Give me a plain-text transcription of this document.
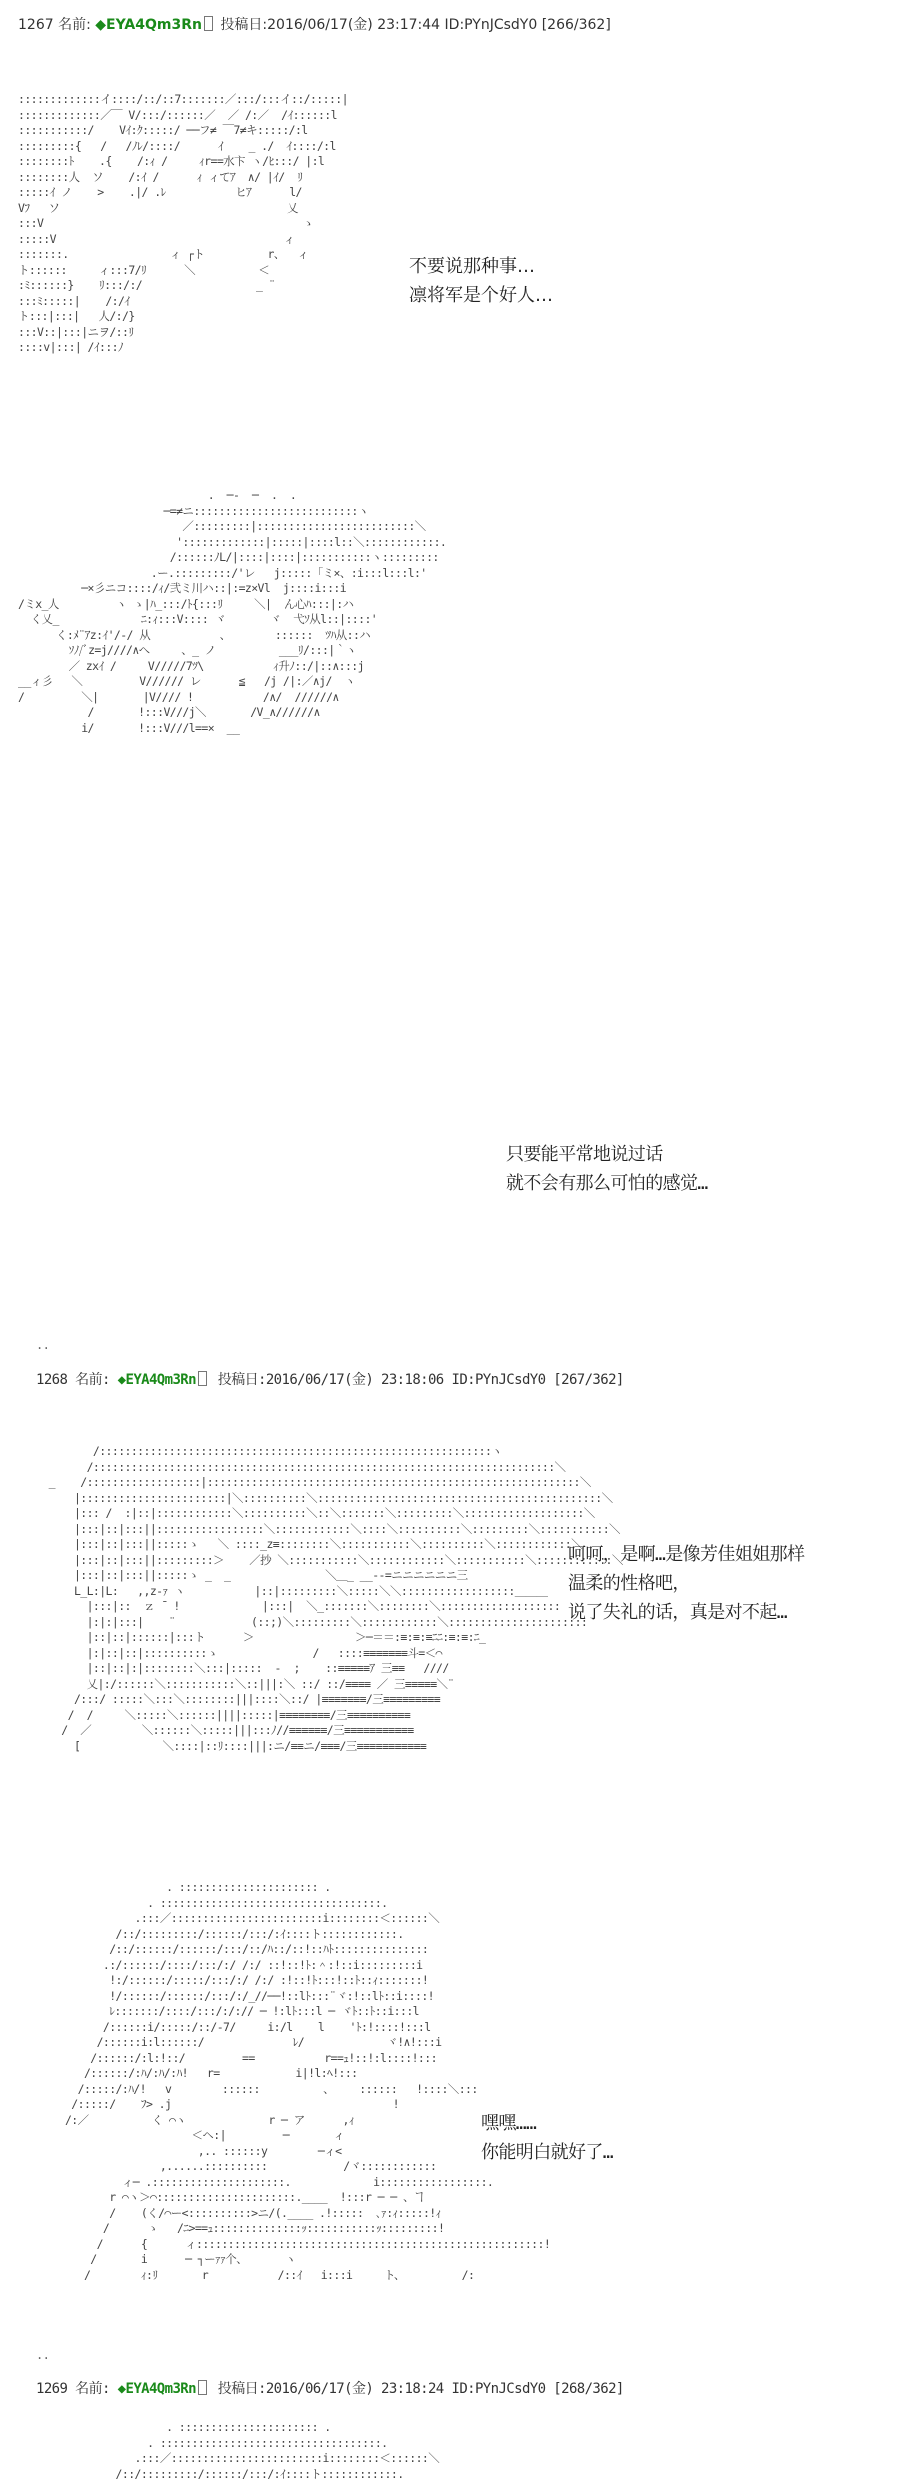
1267 名前: ◆EYA4Qm3Rn 投稿日:2016/06/17(金) 23:17:44 ID:PYnJCsdY0 [266/362]
:::::::::::::イ::::/::/::7:::::::／:::/:::イ::/:::::|
:::::::::::::／￣ V/:::/::::::／  ／ /:／  /ｲ::::::l
:::::::::::/    Vｲ:ｸ:::::/ ──フ≠ ￣7≠キ:::::/:l
:::::::::{   /   /ﾉﾚ/::::/      ｲ    _ ./  ｲ::::/:l
::::::::ﾄ    .{    /:ｨ /     ｨr==水卞 ヽ/ﾋ:::/ |:l
::::::::人  ソ    /:ｲ /      ｨ ィてｱ  ∧/ |ｲ/  ﾘ
:::::ｲ ノ    >    .|/ .ﾚ           ヒｱ      l/
Vﾌ   ソ                                    乂
:::V                                         ゝ
:::::V                                    ィ
:::::::.                ィ ┌ト          r、  ィ
ト::::::     ィ:::7/ﾘ      ＼          ＜
:ﾐ::::::}    ﾘ:::/:/                  _ ¨
:::ﾐ:::::|    /:/ｲ
ト:::|:::|   人/:/}
:::V::|:::|ニヲ/::ﾘ
::::v|:::| /ｲ:::ﾉ
不要说那种事…
凛将军是个好人…
.  ─-  ─  .  .
─=≠ニ::::::::::::::::::::::::::ヽ
／:::::::::|:::::::::::::::::::::::::＼
':::::::::::::|:::::|::::l::＼::::::::::::.
/::::::ﾉL/|::::|::::|:::::::::::ヽ:::::::::
.ー.:::::::::/'レ   j:::::「ミ×、:i:::l:::l:'
─×彡ニコ::::/ｨ/弐ミ川ハ::|:=z×Vl  j::::i:::i
/ミx_人         ヽ ゝ|ﾊ_:::/ﾄ{:::ﾘ     ＼|  ん心ﾊ:::|:ハ
く乂_             ﾆ:ｨ:::V:::: ヾ       ヾ  弋ｿ从l::|::::'
く:ﾒ¨ｱz:ｲ'/-/ 从           、       ::::::  ﾂﾊ从::ハ
ｿﾉ/ﾞz=j////∧へ     、_ ノ          ___ﾘ/:::|｀ヽ
／ zxｲ /     V/////7ﾂ\           ｨ升ﾉ::/|::∧:::j
__ィ彡   ＼         V////// レ      ≦   /j /|:／∧j/  ヽ
/         ＼|       |V//// !           /∧/  //////∧
/       !:::V///j＼       /V_∧//////∧
i/       !:::V///l==×  __

只要能平常地说过话
就不会有那么可怕的感觉…

..

1268 名前: ◆EYA4Qm3Rn 投稿日:2016/06/17(金) 23:18:06 ID:PYnJCsdY0 [267/362]

/::::::::::::::::::::::::::::::::::::::::::::::::::::::::::::::ヽ
/:::::::::::::::::::::::::::::::::::::::::::::::::::::::::::::::::::::::::＼
_    /::::::::::::::::::|:::::::::::::::::::::::::::::::::::::::::::::::::::::::::::＼
|:::::::::::::::::::::::|＼::::::::::＼:::::::::::::::::::::::::::::::::::::::::::::＼
|::: /  :|::|::::::::::::＼::::::::::＼::＼:::::::＼:::::::::＼:::::::::::::::::::＼
|:::|::|:::||:::::::::::::::::＼::::::::::::＼::::＼::::::::::＼:::::::::＼:::::::::::＼
|:::|::|:::||:::::ゝ   ＼ ::::_z≡::::::::＼:::::::::::＼::::::::::＼::::::::::::＼
|:::|::|:::||:::::::::＞    ／抄 ＼:::::::::::＼::::::::::::＼:::::::::::＼::::::::::::＼
|:::|::|:::||:::::ゝ _  _               ＼＿_ __--=ニニニニニニ三
L_L:|L:   ,,z-ｧ ヽ           |::|:::::::::＼:::::＼＼::::::::::::::::::＿＿＿
|:::|::  ｚ ̄  !             |:::|  ＼_:::::::＼::::::::＼:::::::::::::::::::
|:|:|:::|    ¨            (::;)＼:::::::::＼::::::::::::＼::::::::::::::::::::::
|::|::|::::::|:::ト      ＞                ＞─＝＝:≡:≡:≡ﾆﾆ:≡:≡:ﾆ_
|:|::|::|::::::::::ゝ               /   ::::≡≡≡≡≡≡≡斗=＜⌒
|::|::|:|::::::::＼:::|:::::  ‐  ;    ::≡≡≡≡≡ｱ 三≡≡   ////
乂|:/::::::＼:::::::::::＼::|||:＼ ::/ ::/≡≡≡≡ ／ 三≡≡≡≡≡＼¨
/:::/ :::::＼:::＼::::::::|||::::＼::/ |≡≡≡≡≡≡≡/三≡≡≡≡≡≡≡≡≡
/  /     ＼:::::＼::::::||||:::::|≡≡≡≡≡≡≡≡/三≡≡≡≡≡≡≡≡≡≡
/  ／        ＼::::::＼:::::|||:::ﾉ//≡≡≡≡≡≡/三≡≡≡≡≡≡≡≡≡≡≡
[             ＼::::|::ﾘ::::|||:ニ/≡≡ニ/≡≡≡/三≡≡≡≡≡≡≡≡≡≡≡

呵呵，是啊…是像芳佳姐姐那样
温柔的性格吧，
说了失礼的话，真是对不起…

. :::::::::::::::::::::: .
. :::::::::::::::::::::::::::::::::::.
.:::／::::::::::::::::::::::::i::::::::＜::::::＼
/::/:::::::::/::::::/:::/:ｲ::::ト::::::::::::.
/::/::::::/::::::/:::/::/ﾊ::/::!::ﾊﾄ:::::::::::::::
.:/::::::/::::/:::/:/ /:/ ::!::!ﾄ:＾:!::i:::::::::i
!:/::::::/:::::/:::/:/ /:/ :!::!ﾄ:::!::ﾄ::ｨ:::::::!
!/::::::/::::::/:::/:/_//──!::lﾄ:::¨ヾ:!::lﾄ::i::::!
ﾚ:::::::/::::/:::/:/:// ─ !:lﾄ:::l ─ ヾﾄ::ﾄ::i:::l
/::::::i/:::::/::/-7/     i:/l    l    'ﾄ:!::::!:::l
/::::::i:l::::::/              ﾚ/             ヾ!∧!:::i
/::::::/:l:!::/         ==           r==ｭ!::!:l::::!:::
/::::::/:ﾊ/:ﾊ/:ﾊ!   r=            i|!l:ﾍ!:::
/:::::/:ﾊ/!   v        ::::::          、    ::::::   !::::＼:::
/:::::/    ﾌ> .j                                   !
/:／          く ⌒ヽ             r ─ ア      ,ｨ
＜ヘ:|         ─       ィ
,.. ::::::y        ─ィ<
,......::::::::::            /ヾ::::::::::::
ィ─ .:::::::::::::::::::::.             i:::::::::::::::::.
r ⌒ヽ＞⌒::::::::::::::::::::::.____  !:::r ─ ─ 、ヿ
/    (く/⌒ー<::::::::::>ニ/(.____ .!:::::  ､ｧ:ｨ:::::!ｨ
/      ゝ   /ﾆ>==ｭ::::::::::::::ｯ:::::::::::ｯ:::::::::!
/      {      ィ:::::::::::::::::::::::::::::::::::::::::::::::::::::::!
/       i      ─ ┐ーｧｧ个、      ヽ
/        ｨ:ﾘ       r           /::ｲ   i:::i     ト、         /:

嘿嘿……
你能明白就好了…

..

1269 名前: ◆EYA4Qm3Rn 投稿日:2016/06/17(金) 23:18:24 ID:PYnJCsdY0 [268/362]

. :::::::::::::::::::::: .
. :::::::::::::::::::::::::::::::::::.
.:::／::::::::::::::::::::::::i::::::::＜::::::＼
/::/:::::::::/::::::/:::/:ｲ::::ト::::::::::::.
